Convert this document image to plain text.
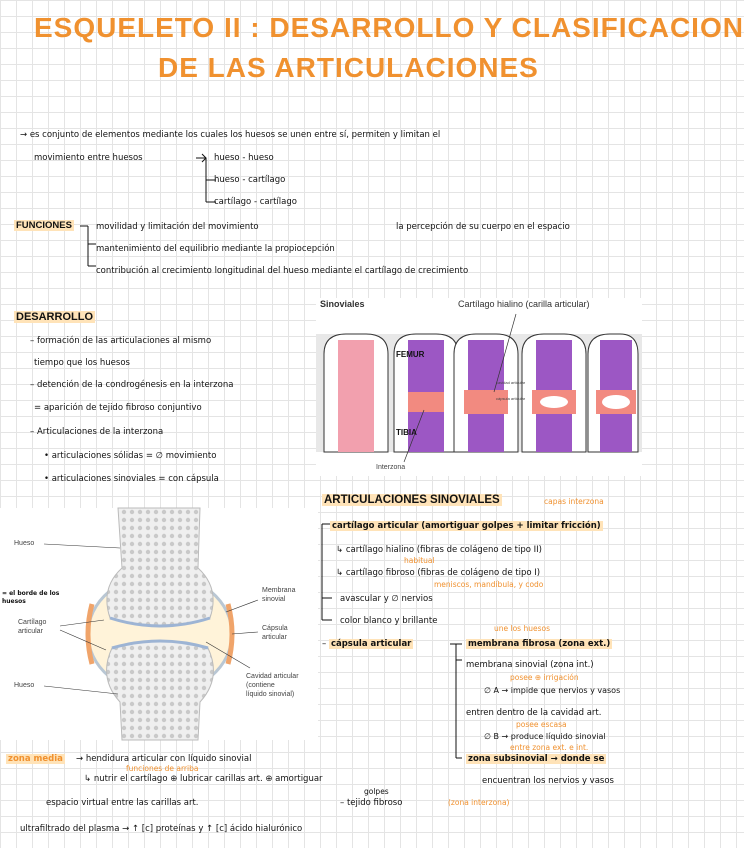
ESQUELETO II : DESARROLLO Y CLASIFICACION
DE LAS ARTICULACIONES
→ es conjunto de elementos mediante los cuales los huesos se unen entre sí, permiten y limitan el
movimiento entre huesos	hueso - hueso
hueso - cartílago
cartílago - cartílago
FUNCIONES	movilidad y limitación del movimiento	la percepción de su cuerpo en el espacio
mantenimiento del equilibrio mediante la propiocepción
contribución al crecimiento longitudinal del hueso mediante el cartílago de crecimiento
DESARROLLO
– formación de las articulaciones al mismo
tiempo que los huesos
– detención de la condrogénesis en la interzona
= aparición de tejido fibroso conjuntivo
– Articulaciones de la interzona
• articulaciones sólidas = ∅ movimiento
• articulaciones sinoviales = con cápsula
Sinoviales	Cartílago hialino (carilla articular)
FEMUR
TIBIA
Interzona
cavidad articular
cápsula articular
Hueso
Hueso
Cartílago
articular
Membrana
sinovial
Cápsula
articular
Cavidad articular
(contiene
líquido sinovial)
= el borde de los
huesos
ARTICULACIONES SINOVIALES	capas interzona
cartílago articular (amortiguar golpes + limitar fricción)
↳ cartílago hialino (fibras de colágeno de tipo II)
habitual
↳ cartílago fibroso (fibras de colágeno de tipo I)
meniscos, mandíbula, y codo
avascular y ∅ nervios
color blanco y brillante
– cápsula articular
une los huesos
membrana fibrosa (zona ext.)
membrana sinovial (zona int.)
posee ⊕ irrigación
∅ A → impide que nervios y vasos
entren dentro de la cavidad art.
posee escasa
∅ B → produce líquido sinovial
entre zona ext. e int.
zona subsinovial → donde se
encuentran los nervios y vasos
zona media → hendidura articular con líquido sinovial
funciones de arriba
↳ nutrir el cartílago ⊕ lubricar carillas art. ⊕ amortiguar
golpes
espacio virtual entre las carillas art.	– tejido fibroso	(zona interzona)
ultrafiltrado del plasma → ↑ [c] proteínas y ↑ [c] ácido hialurónico
